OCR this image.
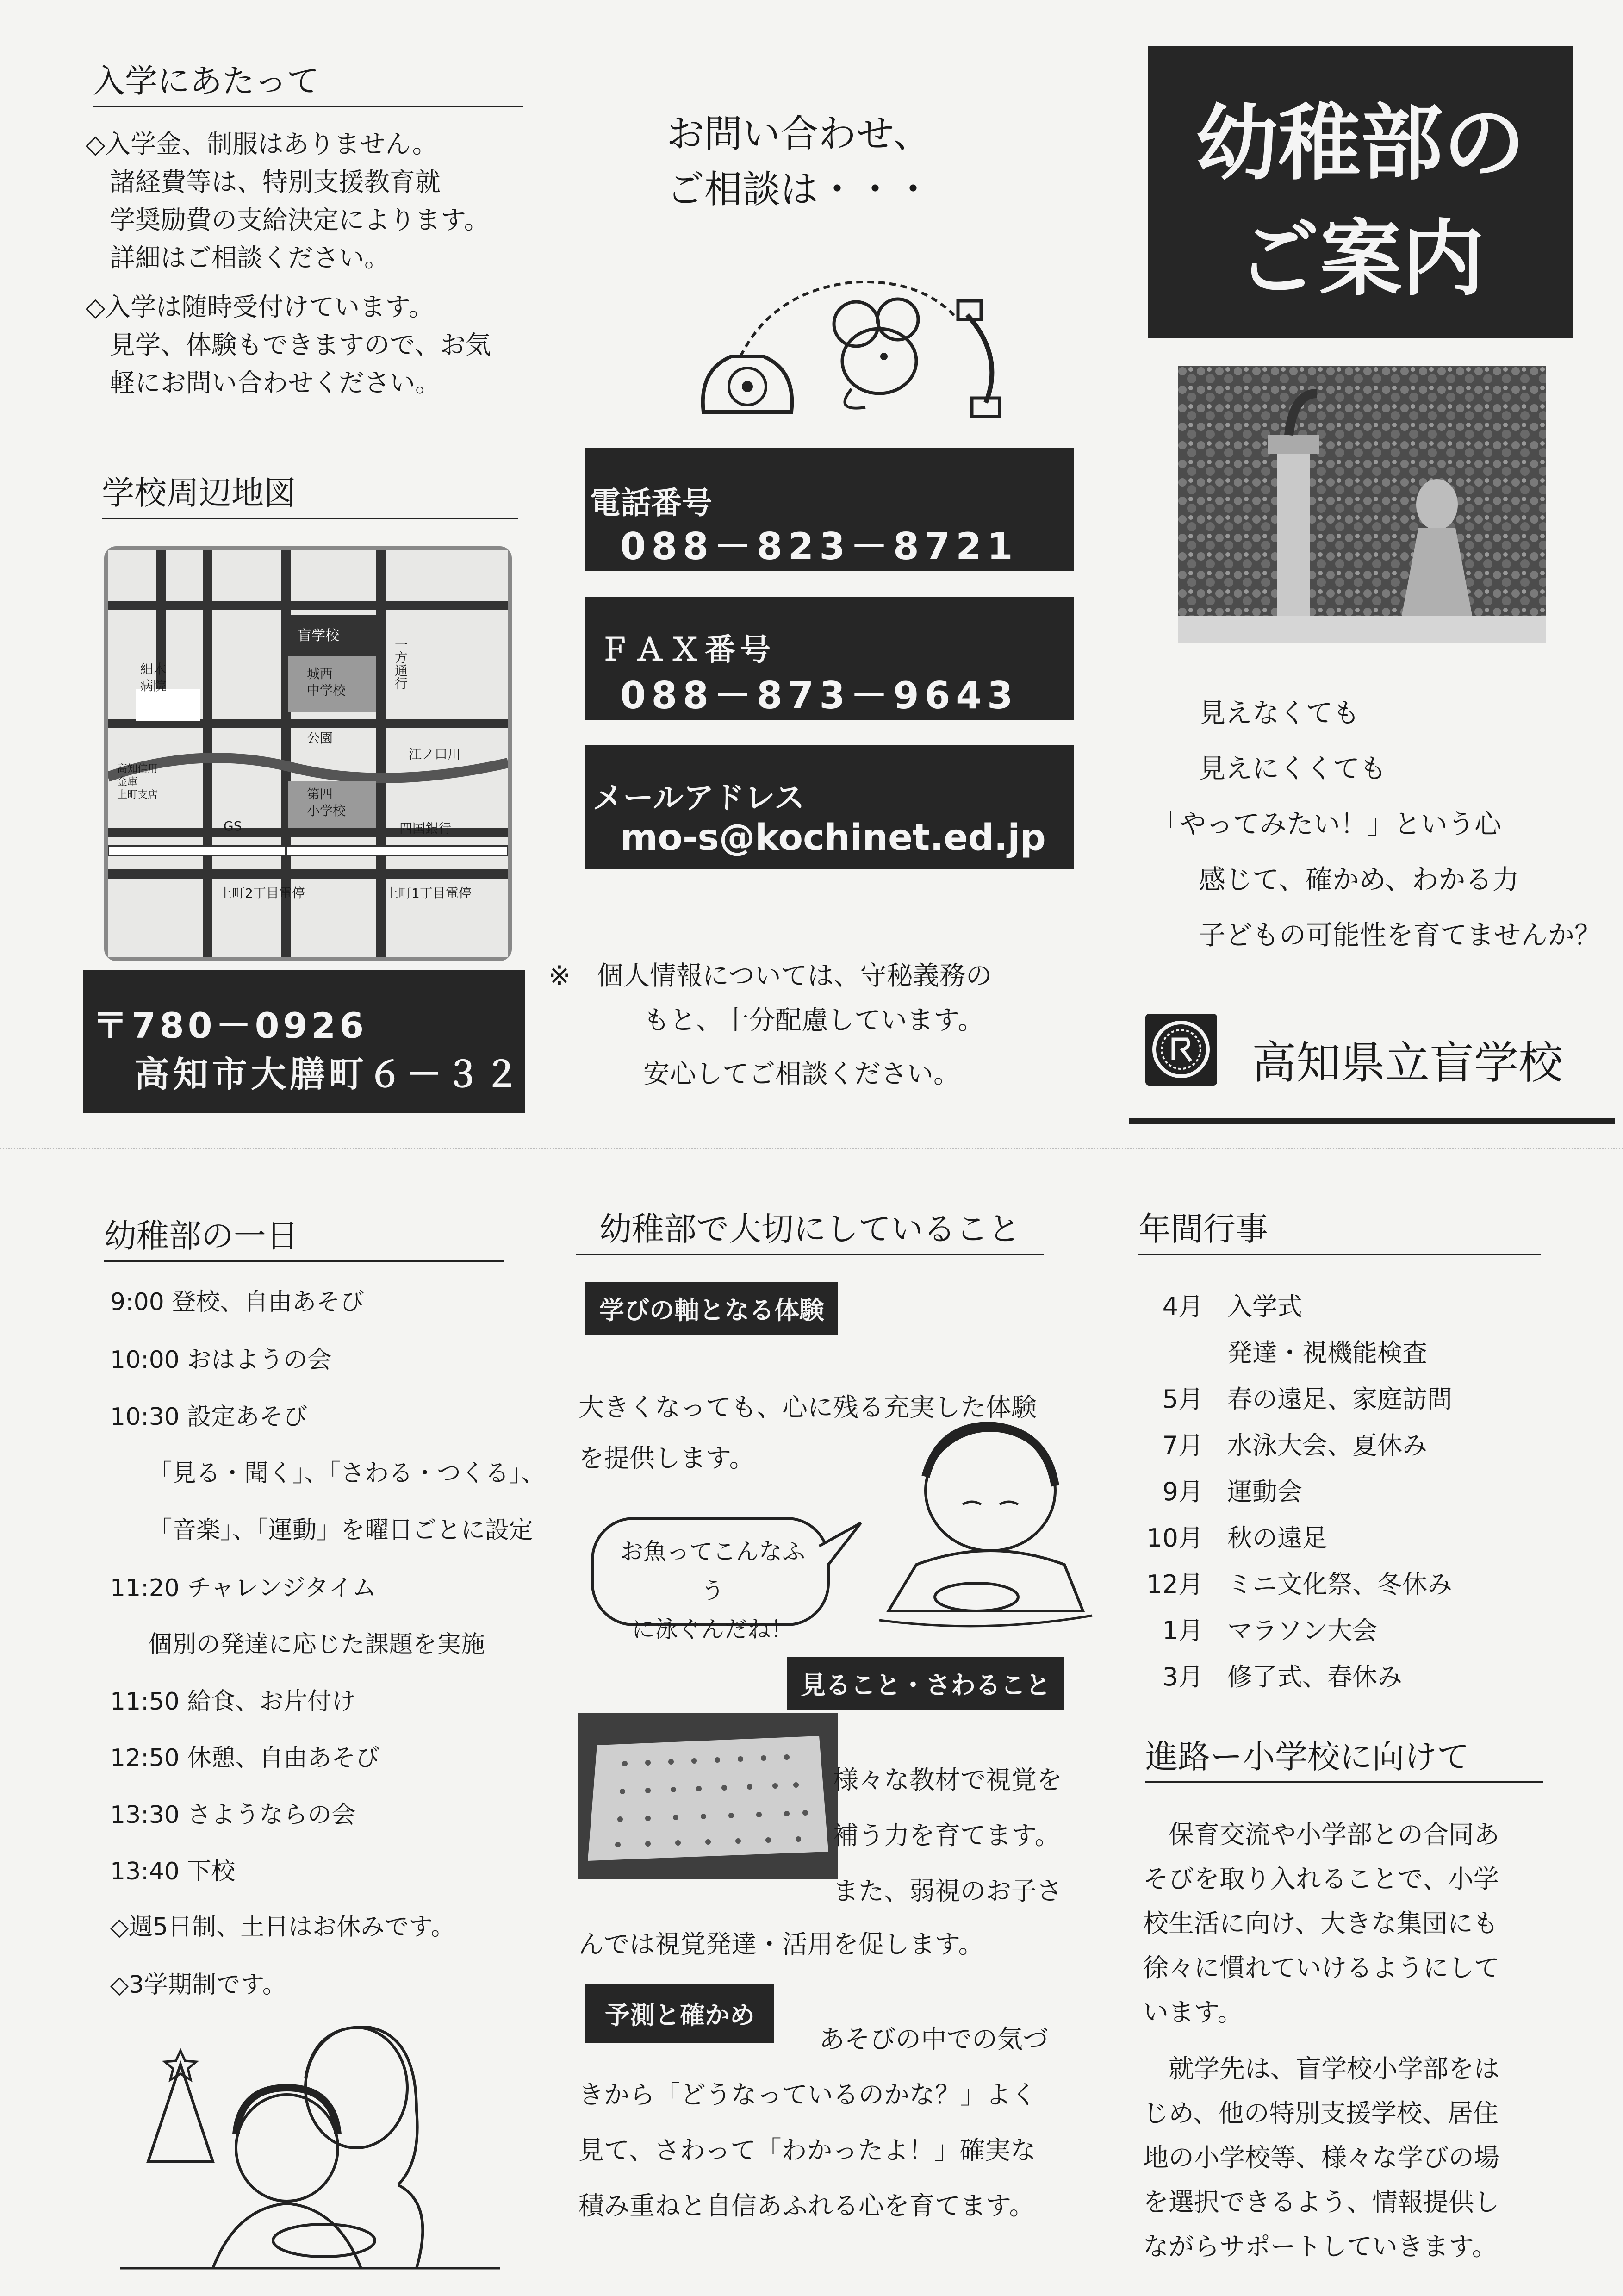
入学にあたって
◇入学金、制服はありません。
諸経費等は、特別支援教育就
学奨励費の支給決定によります。
詳細はご相談ください。
◇入学は随時受付けています。
見学、体験もできますので、お気
軽にお問い合わせください。
学校周辺地図
盲学校
細木
病院
城西
中学校
公園
一方通行
江ノ口川
第四
小学校
高知信用
金庫
上町支店
GS	四国銀行
上町2丁目電停	上町1丁目電停
〒780－0926
高知市大膳町６－３２
お問い合わせ、
ご相談は・・・
電話番号
088－823－8721
ＦＡＸ番号
088－873－9643
メールアドレス
mo-s@kochinet.ed.jp
※　個人情報については、守秘義務の
もと、十分配慮しています。
安心してご相談ください。
幼稚部の
ご案内
見えなくても
見えにくくても
「やってみたい！」という心
感じて、確かめ、わかる力
子どもの可能性を育てませんか？
高知県立盲学校
幼稚部の一日
9:00 登校、自由あそび
10:00 おはようの会
10:30 設定あそび
「見る・聞く」、「さわる・つくる」、
「音楽」、「運動」を曜日ごとに設定
11:20 チャレンジタイム
個別の発達に応じた課題を実施
11:50 給食、お片付け
12:50 休憩、自由あそび
13:30 さようならの会
13:40 下校
◇週5日制、土日はお休みです。
◇3学期制です。
幼稚部で大切にしていること
学びの軸となる体験
大きくなっても、心に残る充実した体験
を提供します。
お魚ってこんなふう
に泳ぐんだね！
見ること・さわること
様々な教材で視覚を
補う力を育てます。
また、弱視のお子さ
んでは視覚発達・活用を促します。
予測と確かめ
あそびの中での気づ
きから「どうなっているのかな？」よく
見て、さわって「わかったよ！」確実な
積み重ねと自信あふれる心を育てます。
年間行事
4月 入学式
発達・視機能検査
5月 春の遠足、家庭訪問
7月 水泳大会、夏休み
9月 運動会
10月 秋の遠足
12月 ミニ文化祭、冬休み
1月 マラソン大会
3月 修了式、春休み
進路ー小学校に向けて
保育交流や小学部との合同あ
そびを取り入れることで、小学
校生活に向け、大きな集団にも
徐々に慣れていけるようにして
います。
就学先は、盲学校小学部をは
じめ、他の特別支援学校、居住
地の小学校等、様々な学びの場
を選択できるよう、情報提供し
ながらサポートしていきます。
